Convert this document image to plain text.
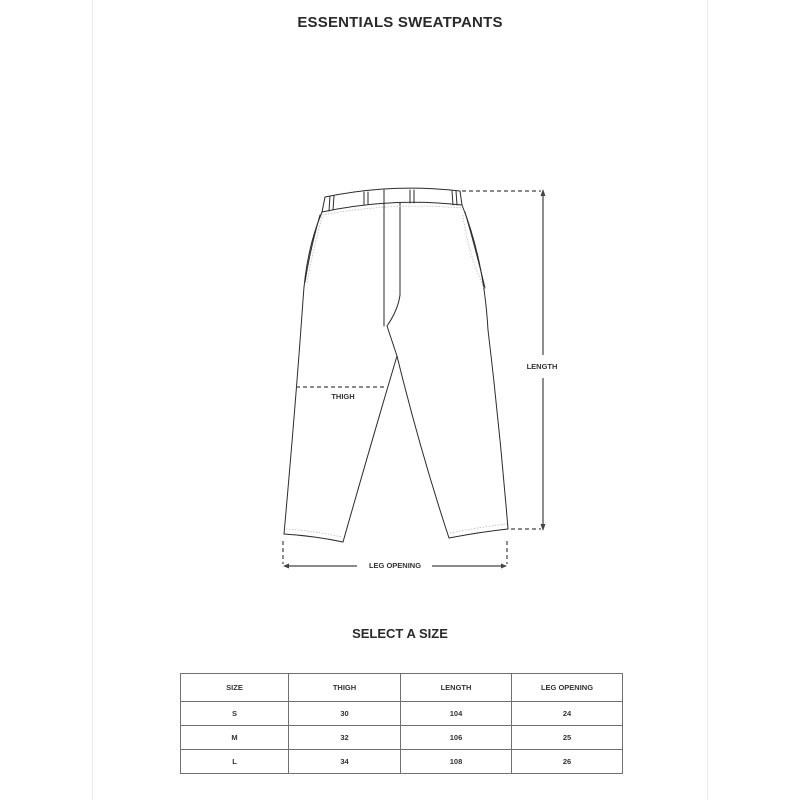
ESSENTIALS SWEATPANTS
THIGH
LENGTH
LEG OPENING
SELECT A SIZE
SIZE	THIGH	LENGTH	LEG OPENING
S	30	104	24
M	32	106	25
L	34	108	26
